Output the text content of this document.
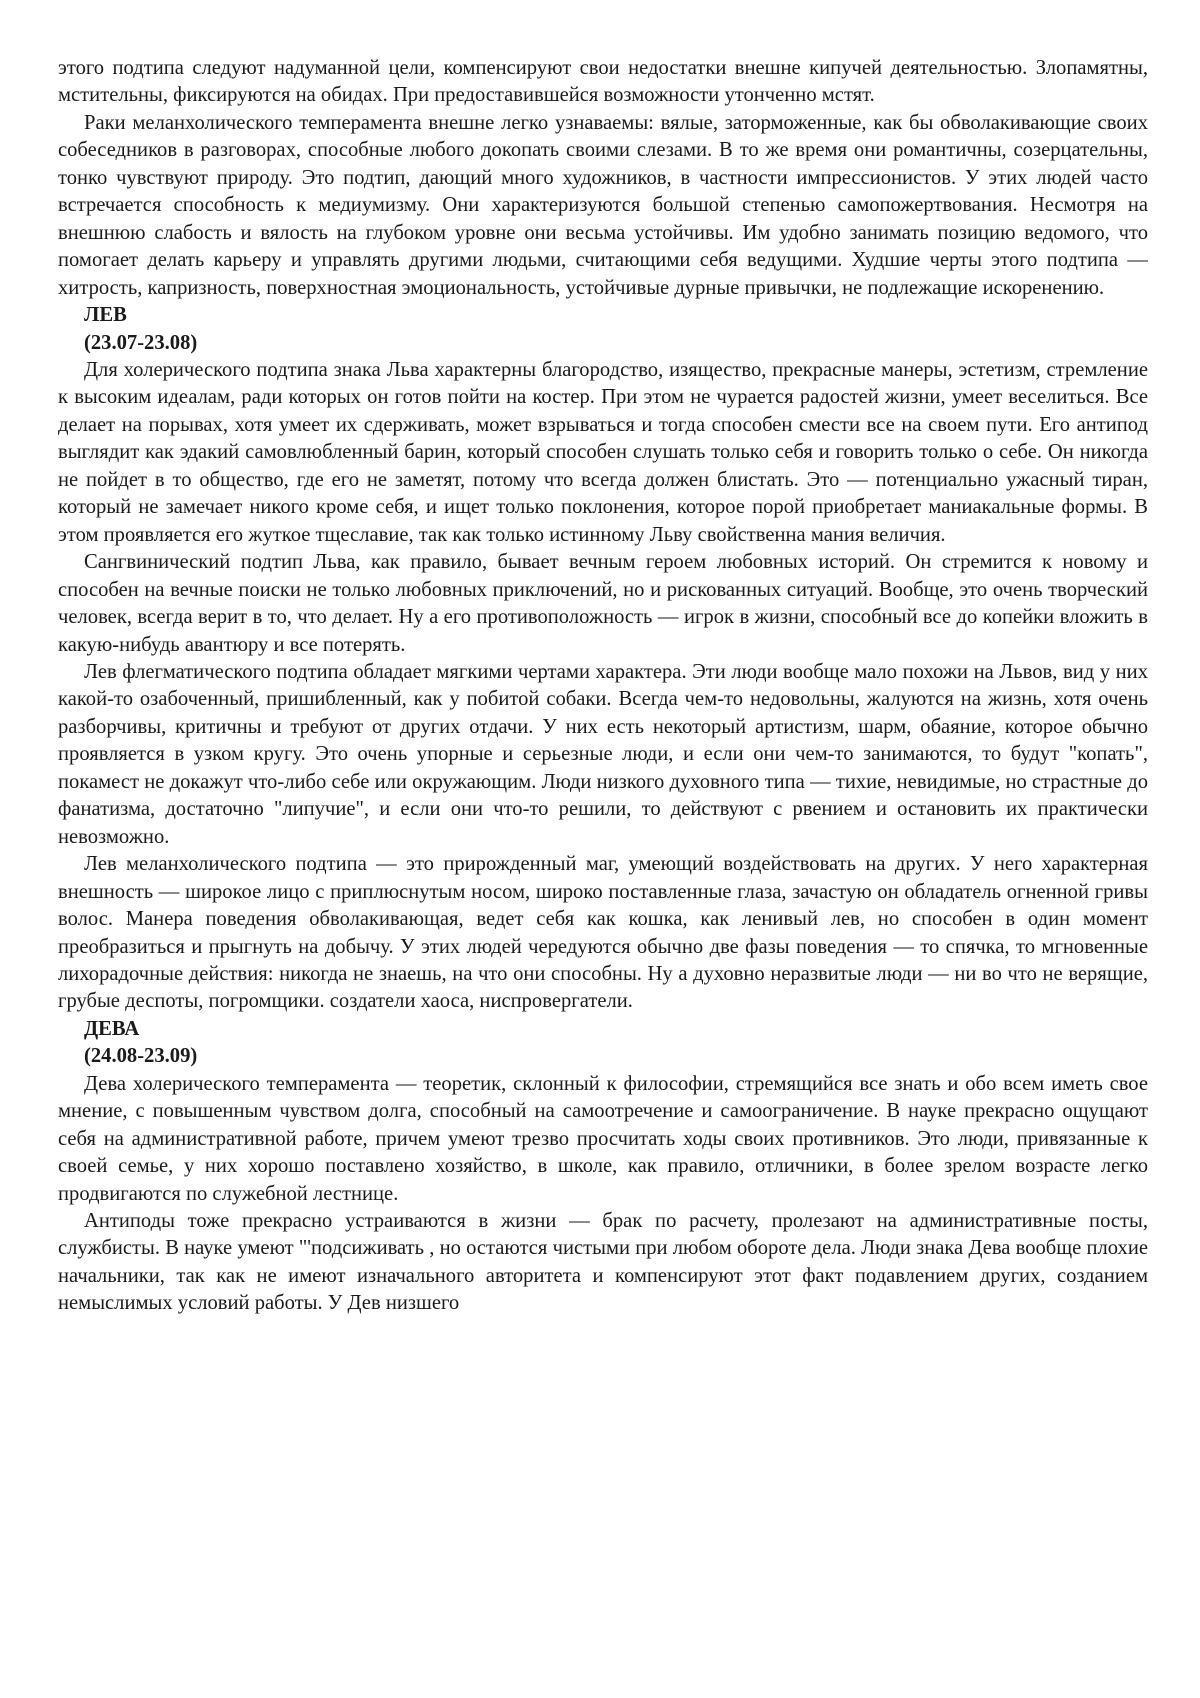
этого подтипа следуют надуманной цели, компенсируют свои недостатки внешне кипучей деятельностью. Злопамятны, мстительны, фиксируются на обидах. При предоставившейся возможности утонченно мстят.

Раки меланхолического темперамента внешне легко узнаваемы: вялые, заторможенные, как бы обволакивающие своих собеседников в разговорах, способные любого докопать своими слезами. В то же время они романтичны, созерцательны, тонко чувствуют природу. Это подтип, дающий много художников, в частности импрессионистов. У этих людей часто встречается способность к медиумизму. Они характеризуются большой степенью самопожертвования. Несмотря на внешнюю слабость и вялость на глубоком уровне они весьма устойчивы. Им удобно занимать позицию ведомого, что помогает делать карьеру и управлять другими людьми, считающими себя ведущими. Худшие черты этого подтипа — хитрость, капризность, поверхностная эмоциональность, устойчивые дурные привычки, не подлежащие искоренению.

ЛЕВ

(23.07-23.08)

Для холерического подтипа знака Льва характерны благородство, изящество, прекрасные манеры, эстетизм, стремление к высоким идеалам, ради которых он готов пойти на костер. При этом не чурается радостей жизни, умеет веселиться. Все делает на порывах, хотя умеет их сдерживать, может взрываться и тогда способен смести все на своем пути. Его антипод выглядит как эдакий самовлюбленный барин, который способен слушать только себя и говорить только о себе. Он никогда не пойдет в то общество, где его не заметят, потому что всегда должен блистать. Это — потенциально ужасный тиран, который не замечает никого кроме себя, и ищет только поклонения, которое порой приобретает маниакальные формы. В этом проявляется его жуткое тщеславие, так как только истинному Льву свойственна мания величия.

Сангвинический подтип Льва, как правило, бывает вечным героем любовных историй. Он стремится к новому и способен на вечные поиски не только любовных приключений, но и рискованных ситуаций. Вообще, это очень творческий человек, всегда верит в то, что делает. Ну а его противоположность — игрок в жизни, способный все до копейки вложить в какую-нибудь авантюру и все потерять.

Лев флегматического подтипа обладает мягкими чертами характера. Эти люди вообще мало похожи на Львов, вид у них какой-то озабоченный, пришибленный, как у побитой собаки. Всегда чем-то недовольны, жалуются на жизнь, хотя очень разборчивы, критичны и требуют от других отдачи. У них есть некоторый артистизм, шарм, обаяние, которое обычно проявляется в узком кругу. Это очень упорные и серьезные люди, и если они чем-то занимаются, то будут "копать", покамест не докажут что-либо себе или окружающим. Люди низкого духовного типа — тихие, невидимые, но страстные до фанатизма, достаточно "липучие", и если они что-то решили, то действуют с рвением и остановить их практически невозможно.

Лев меланхолического подтипа — это прирожденный маг, умеющий воздействовать на других. У него характерная внешность — широкое лицо с приплюснутым носом, широко поставленные глаза, зачастую он обладатель огненной гривы волос. Манера поведения обволакивающая, ведет себя как кошка, как ленивый лев, но способен в один момент преобразиться и прыгнуть на добычу. У этих людей чередуются обычно две фазы поведения — то спячка, то мгновенные лихорадочные действия: никогда не знаешь, на что они способны. Ну а духовно неразвитые люди — ни во что не верящие, грубые деспоты, погромщики. создатели хаоса, ниспровергатели.

ДЕВА

(24.08-23.09)

Дева холерического темперамента — теоретик, склонный к философии, стремящийся все знать и обо всем иметь свое мнение, с повышенным чувством долга, способный на самоотречение и самоограничение. В науке прекрасно ощущают себя на административной работе, причем умеют трезво просчитать ходы своих противников. Это люди, привязанные к своей семье, у них хорошо поставлено хозяйство, в школе, как правило, отличники, в более зрелом возрасте легко продвигаются по служебной лестнице.

Антиподы тоже прекрасно устраиваются в жизни — брак по расчету, пролезают на административные посты, службисты. В науке умеют "'подсиживать , но остаются чистыми при любом обороте дела. Люди знака Дева вообще плохие начальники, так как не имеют изначального авторитета и компенсируют этот факт подавлением других, созданием немыслимых условий работы. У Дев низшего
